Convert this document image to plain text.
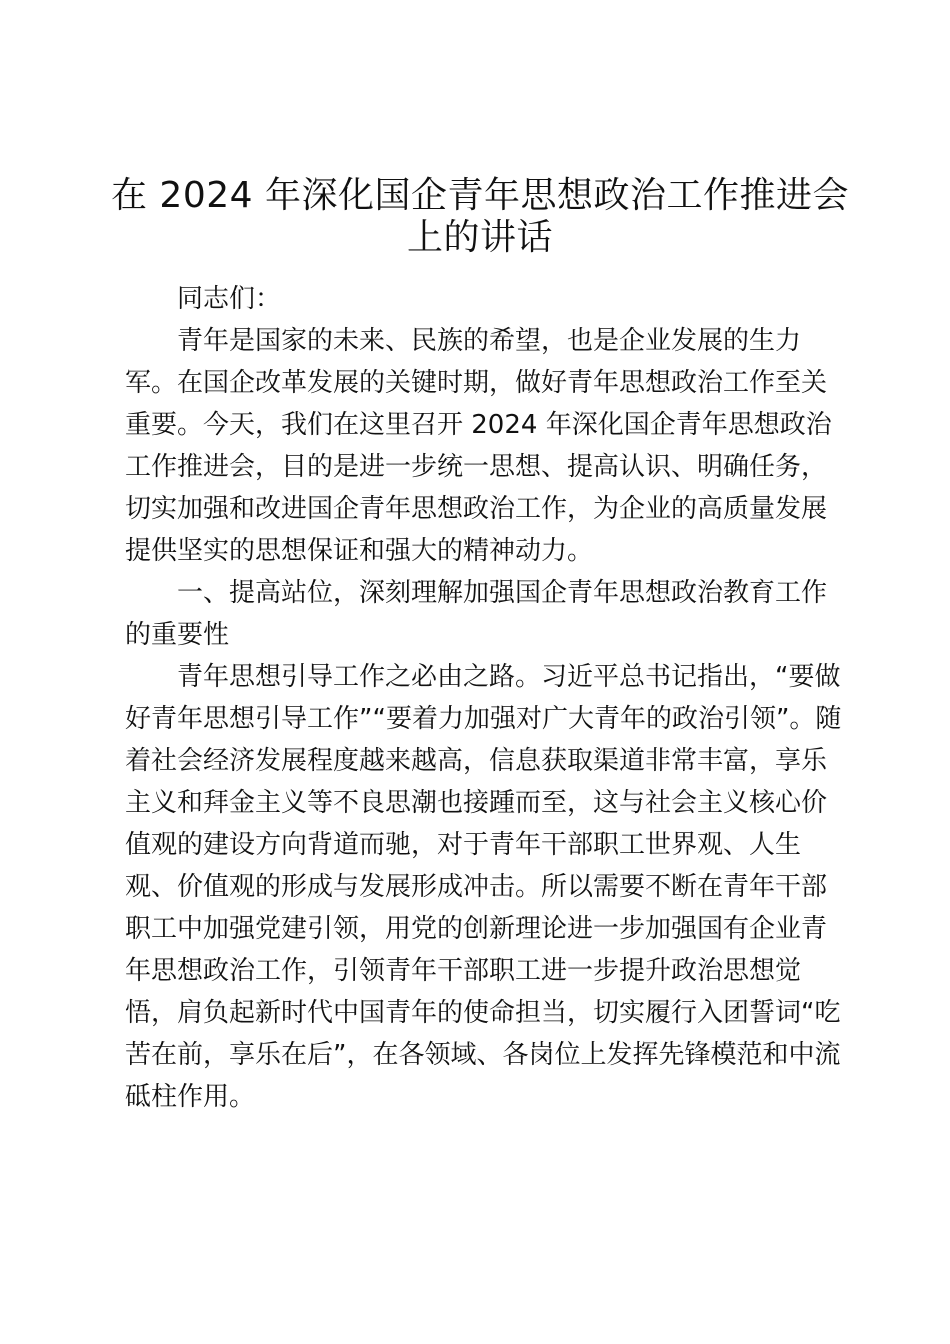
在 2024 年深化国企青年思想政治工作推进会
上的讲话
同志们：
青年是国家的未来、民族的希望，也是企业发展的生力
军。在国企改革发展的关键时期，做好青年思想政治工作至关
重要。今天，我们在这里召开 2024 年深化国企青年思想政治
工作推进会，目的是进一步统一思想、提高认识、明确任务，
切实加强和改进国企青年思想政治工作，为企业的高质量发展
提供坚实的思想保证和强大的精神动力。
一、提高站位，深刻理解加强国企青年思想政治教育工作
的重要性
青年思想引导工作之必由之路。习近平总书记指出，“要做
好青年思想引导工作”“要着力加强对广大青年的政治引领”。随
着社会经济发展程度越来越高，信息获取渠道非常丰富，享乐
主义和拜金主义等不良思潮也接踵而至，这与社会主义核心价
值观的建设方向背道而驰，对于青年干部职工世界观、人生
观、价值观的形成与发展形成冲击。所以需要不断在青年干部
职工中加强党建引领，用党的创新理论进一步加强国有企业青
年思想政治工作，引领青年干部职工进一步提升政治思想觉
悟，肩负起新时代中国青年的使命担当，切实履行入团誓词“吃
苦在前，享乐在后”，在各领域、各岗位上发挥先锋模范和中流
砥柱作用。
